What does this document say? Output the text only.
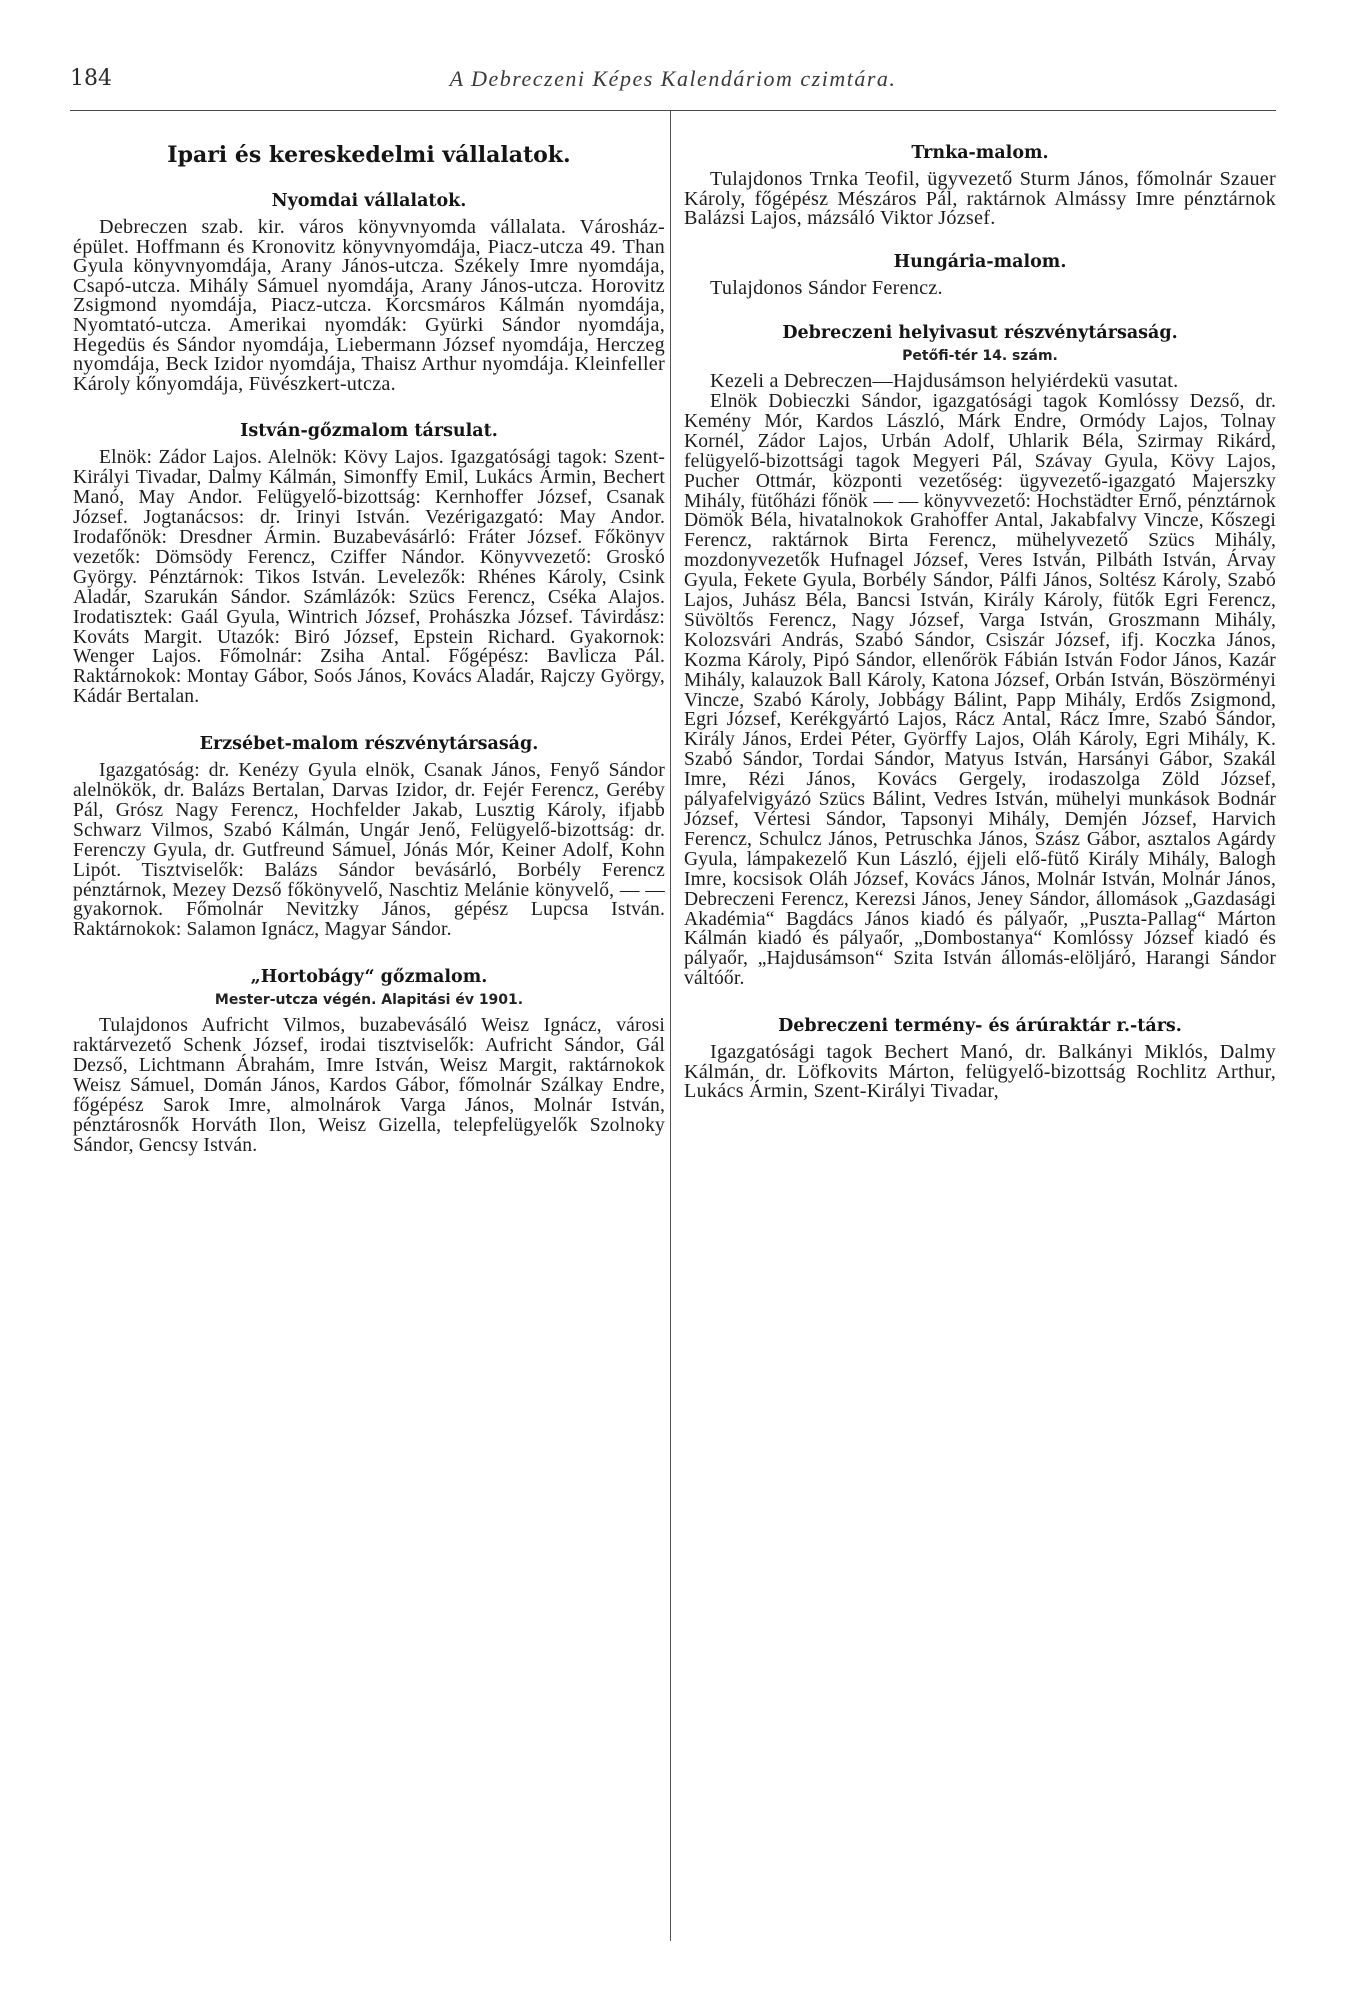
184	A Debreczeni Képes Kalendáriom czimtára.
Ipari és kereskedelmi vállalatok.
Nyomdai vállalatok.

Debreczen szab. kir. város könyvnyomda vállalata. Városház-épület. Hoffmann és Kronovitz könyvnyomdája, Piacz-utcza 49. Than Gyula könyvnyomdája, Arany János-utcza. Székely Imre nyomdája, Csapó-utcza. Mihály Sámuel nyomdája, Arany János-utcza. Horovitz Zsigmond nyomdája, Piacz-utcza. Korcsmáros Kálmán nyomdája, Nyomtató-utcza. Amerikai nyomdák: Gyürki Sándor nyomdája, Hegedüs és Sándor nyomdája, Liebermann József nyomdája, Herczeg nyomdája, Beck Izidor nyomdája, Thaisz Arthur nyomdája. Kleinfeller Károly kőnyomdája, Füvészkert-utcza.

István-gőzmalom társulat.

Elnök: Zádor Lajos. Alelnök: Kövy Lajos. Igazgatósági tagok: Szent-Királyi Tivadar, Dalmy Kálmán, Simonffy Emil, Lukács Ármin, Bechert Manó, May Andor. Felügyelő-bizottság: Kernhoffer József, Csanak József. Jogtanácsos: dr. Irinyi István. Vezérigazgató: May Andor. Irodafőnök: Dresdner Ármin. Buzabevásárló: Fráter József. Főkönyv vezetők: Dömsödy Ferencz, Cziffer Nándor. Könyvvezető: Groskó György. Pénztárnok: Tikos István. Levelezők: Rhénes Károly, Csink Aladár, Szarukán Sándor. Számlázók: Szücs Ferencz, Cséka Alajos. Irodatisztek: Gaál Gyula, Wintrich József, Prohászka József. Távirdász: Kováts Margit. Utazók: Biró József, Epstein Richard. Gyakornok: Wenger Lajos. Főmolnár: Zsiha Antal. Főgépész: Bavlicza Pál. Raktárnokok: Montay Gábor, Soós János, Kovács Aladár, Rajczy György, Kádár Bertalan.

Erzsébet-malom részvénytársaság.

Igazgatóság: dr. Kenézy Gyula elnök, Csanak János, Fenyő Sándor alelnökök, dr. Balázs Bertalan, Darvas Izidor, dr. Fejér Ferencz, Geréby Pál, Grósz Nagy Ferencz, Hochfelder Jakab, Lusztig Károly, ifjabb Schwarz Vilmos, Szabó Kálmán, Ungár Jenő, Felügyelő-bizottság: dr. Ferenczy Gyula, dr. Gutfreund Sámuel, Jónás Mór, Keiner Adolf, Kohn Lipót. Tisztviselők: Balázs Sándor bevásárló, Borbély Ferencz pénztárnok, Mezey Dezső főkönyvelő, Naschtiz Melánie könyvelő, — — gyakornok. Főmolnár Nevitzky János, gépész Lupcsa István. Raktárnokok: Salamon Ignácz, Magyar Sándor.

„Hortobágy“ gőzmalom.
Mester-utcza végén. Alapitási év 1901.

Tulajdonos Aufricht Vilmos, buzabevásáló Weisz Ignácz, városi raktárvezető Schenk József, irodai tisztviselők: Aufricht Sándor, Gál Dezső, Lichtmann Ábrahám, Imre István, Weisz Margit, raktárnokok Weisz Sámuel, Domán János, Kardos Gábor, főmolnár Szálkay Endre, főgépész Sarok Imre, almolnárok Varga János, Molnár István, pénztárosnők Horváth Ilon, Weisz Gizella, telepfelügyelők Szolnoky Sándor, Gencsy István.

Trnka-malom.

Tulajdonos Trnka Teofil, ügyvezető Sturm János, főmolnár Szauer Károly, főgépész Mészáros Pál, raktárnok Almássy Imre pénztárnok Balázsi Lajos, mázsáló Viktor József.

Hungária-malom.

Tulajdonos Sándor Ferencz.

Debreczeni helyivasut részvénytársaság.
Petőfi-tér 14. szám.

Kezeli a Debreczen—Hajdusámson helyiérdekü vasutat.

Elnök Dobieczki Sándor, igazgatósági tagok Komlóssy Dezső, dr. Kemény Mór, Kardos László, Márk Endre, Ormódy Lajos, Tolnay Kornél, Zádor Lajos, Urbán Adolf, Uhlarik Béla, Szirmay Rikárd, felügyelő-bizottsági tagok Megyeri Pál, Szávay Gyula, Kövy Lajos, Pucher Ottmár, központi vezetőség: ügyvezető-igazgató Majerszky Mihály, fütőházi főnök — — könyvvezető: Hochstädter Ernő, pénztárnok Dömök Béla, hivatalnokok Grahoffer Antal, Jakabfalvy Vincze, Kőszegi Ferencz, raktárnok Birta Ferencz, mühelyvezető Szücs Mihály, mozdonyvezetők Hufnagel József, Veres István, Pilbáth István, Árvay Gyula, Fekete Gyula, Borbély Sándor, Pálfi János, Soltész Károly, Szabó Lajos, Juhász Béla, Bancsi István, Király Károly, fütők Egri Ferencz, Süvöltős Ferencz, Nagy József, Varga István, Groszmann Mihály, Kolozsvári András, Szabó Sándor, Csiszár József, ifj. Koczka János, Kozma Károly, Pipó Sándor, ellenőrök Fábián István Fodor János, Kazár Mihály, kalauzok Ball Károly, Katona József, Orbán István, Böszörményi Vincze, Szabó Károly, Jobbágy Bálint, Papp Mihály, Erdős Zsigmond, Egri József, Kerékgyártó Lajos, Rácz Antal, Rácz Imre, Szabó Sándor, Király János, Erdei Péter, Györffy Lajos, Oláh Károly, Egri Mihály, K. Szabó Sándor, Tordai Sándor, Matyus István, Harsányi Gábor, Szakál Imre, Rézi János, Kovács Gergely, irodaszolga Zöld József, pályafelvigyázó Szücs Bálint, Vedres István, mühelyi munkások Bodnár József, Vértesi Sándor, Tapsonyi Mihály, Demjén József, Harvich Ferencz, Schulcz János, Petruschka János, Szász Gábor, asztalos Agárdy Gyula, lámpakezelő Kun László, éjjeli elő-fütő Király Mihály, Balogh Imre, kocsisok Oláh József, Kovács János, Molnár István, Molnár János, Debreczeni Ferencz, Kerezsi János, Jeney Sándor, állomások „Gazdasági Akadémia“ Bagdács János kiadó és pályaőr, „Puszta-Pallag“ Márton Kálmán kiadó és pályaőr, „Dombostanya“ Komlóssy József kiadó és pályaőr, „Hajdusámson“ Szita István állomás-elöljáró, Harangi Sándor váltóőr.

Debreczeni termény- és árúraktár r.-társ.

Igazgatósági tagok Bechert Manó, dr. Balkányi Miklós, Dalmy Kálmán, dr. Löfkovits Márton, felügyelő-bizottság Rochlitz Arthur, Lukács Ármin, Szent-Királyi Tivadar,
